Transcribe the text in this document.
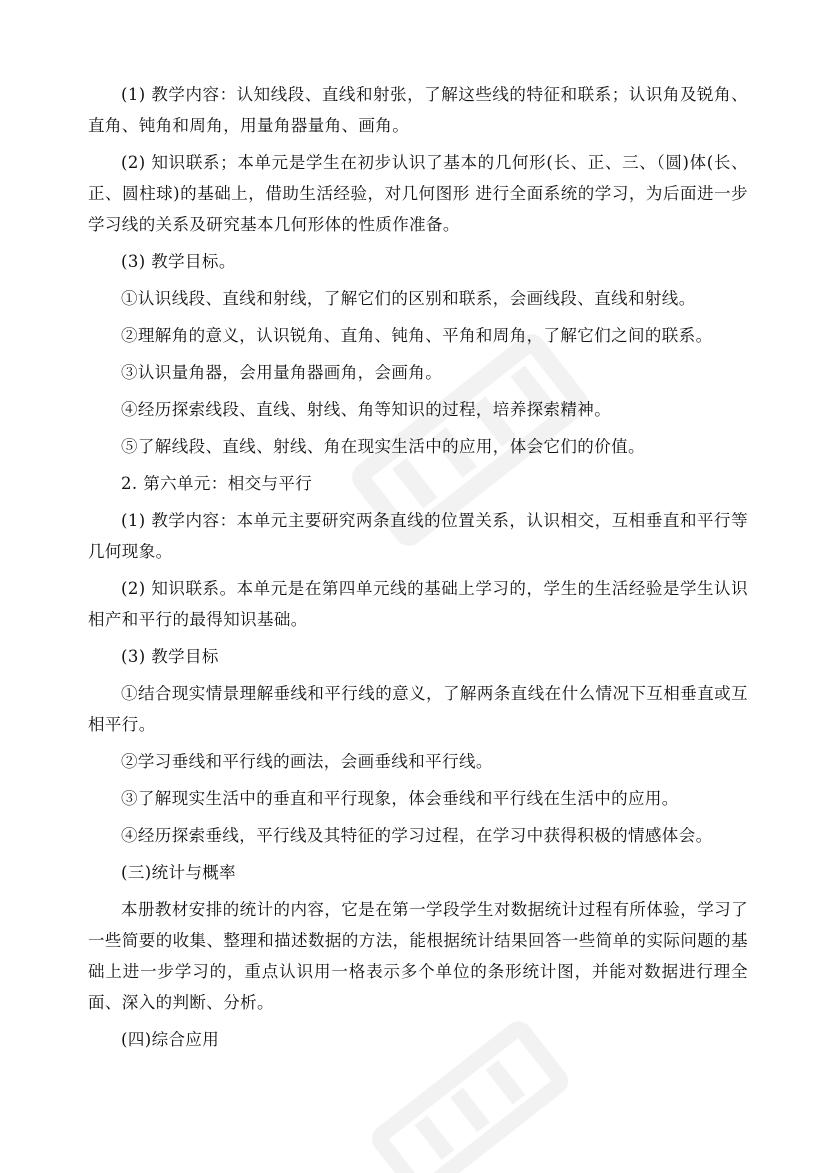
(1) 教学内容：认知线段、直线和射张，了解这些线的特征和联系；认识角及锐角、直角、钝角和周角，用量角器量角、画角。

(2) 知识联系；本单元是学生在初步认识了基本的几何形(长、正、三、（圆)体(长、正、圆柱球)的基础上，借助生活经验，对几何图形 进行全面系统的学习，为后面进一步学习线的关系及研究基本几何形体的性质作准备。

(3) 教学目标。

①认识线段、直线和射线，了解它们的区别和联系，会画线段、直线和射线。

②理解角的意义，认识锐角、直角、钝角、平角和周角，了解它们之间的联系。

③认识量角器，会用量角器画角，会画角。

④经历探索线段、直线、射线、角等知识的过程，培养探索精神。

⑤了解线段、直线、射线、角在现实生活中的应用，体会它们的价值。

2. 第六单元：相交与平行

(1) 教学内容：本单元主要研究两条直线的位置关系，认识相交，互相垂直和平行等几何现象。

(2) 知识联系。本单元是在第四单元线的基础上学习的，学生的生活经验是学生认识相产和平行的最得知识基础。

(3) 教学目标

①结合现实情景理解垂线和平行线的意义，了解两条直线在什么情况下互相垂直或互相平行。

②学习垂线和平行线的画法，会画垂线和平行线。

③了解现实生活中的垂直和平行现象，体会垂线和平行线在生活中的应用。

④经历探索垂线，平行线及其特征的学习过程，在学习中获得积极的情感体会。

(三)统计与概率

本册教材安排的统计的内容，它是在第一学段学生对数据统计过程有所体验，学习了一些简要的收集、整理和描述数据的方法，能根据统计结果回答一些简单的实际问题的基础上进一步学习的，重点认识用一格表示多个单位的条形统计图，并能对数据进行理全面、深入的判断、分析。

(四)综合应用
